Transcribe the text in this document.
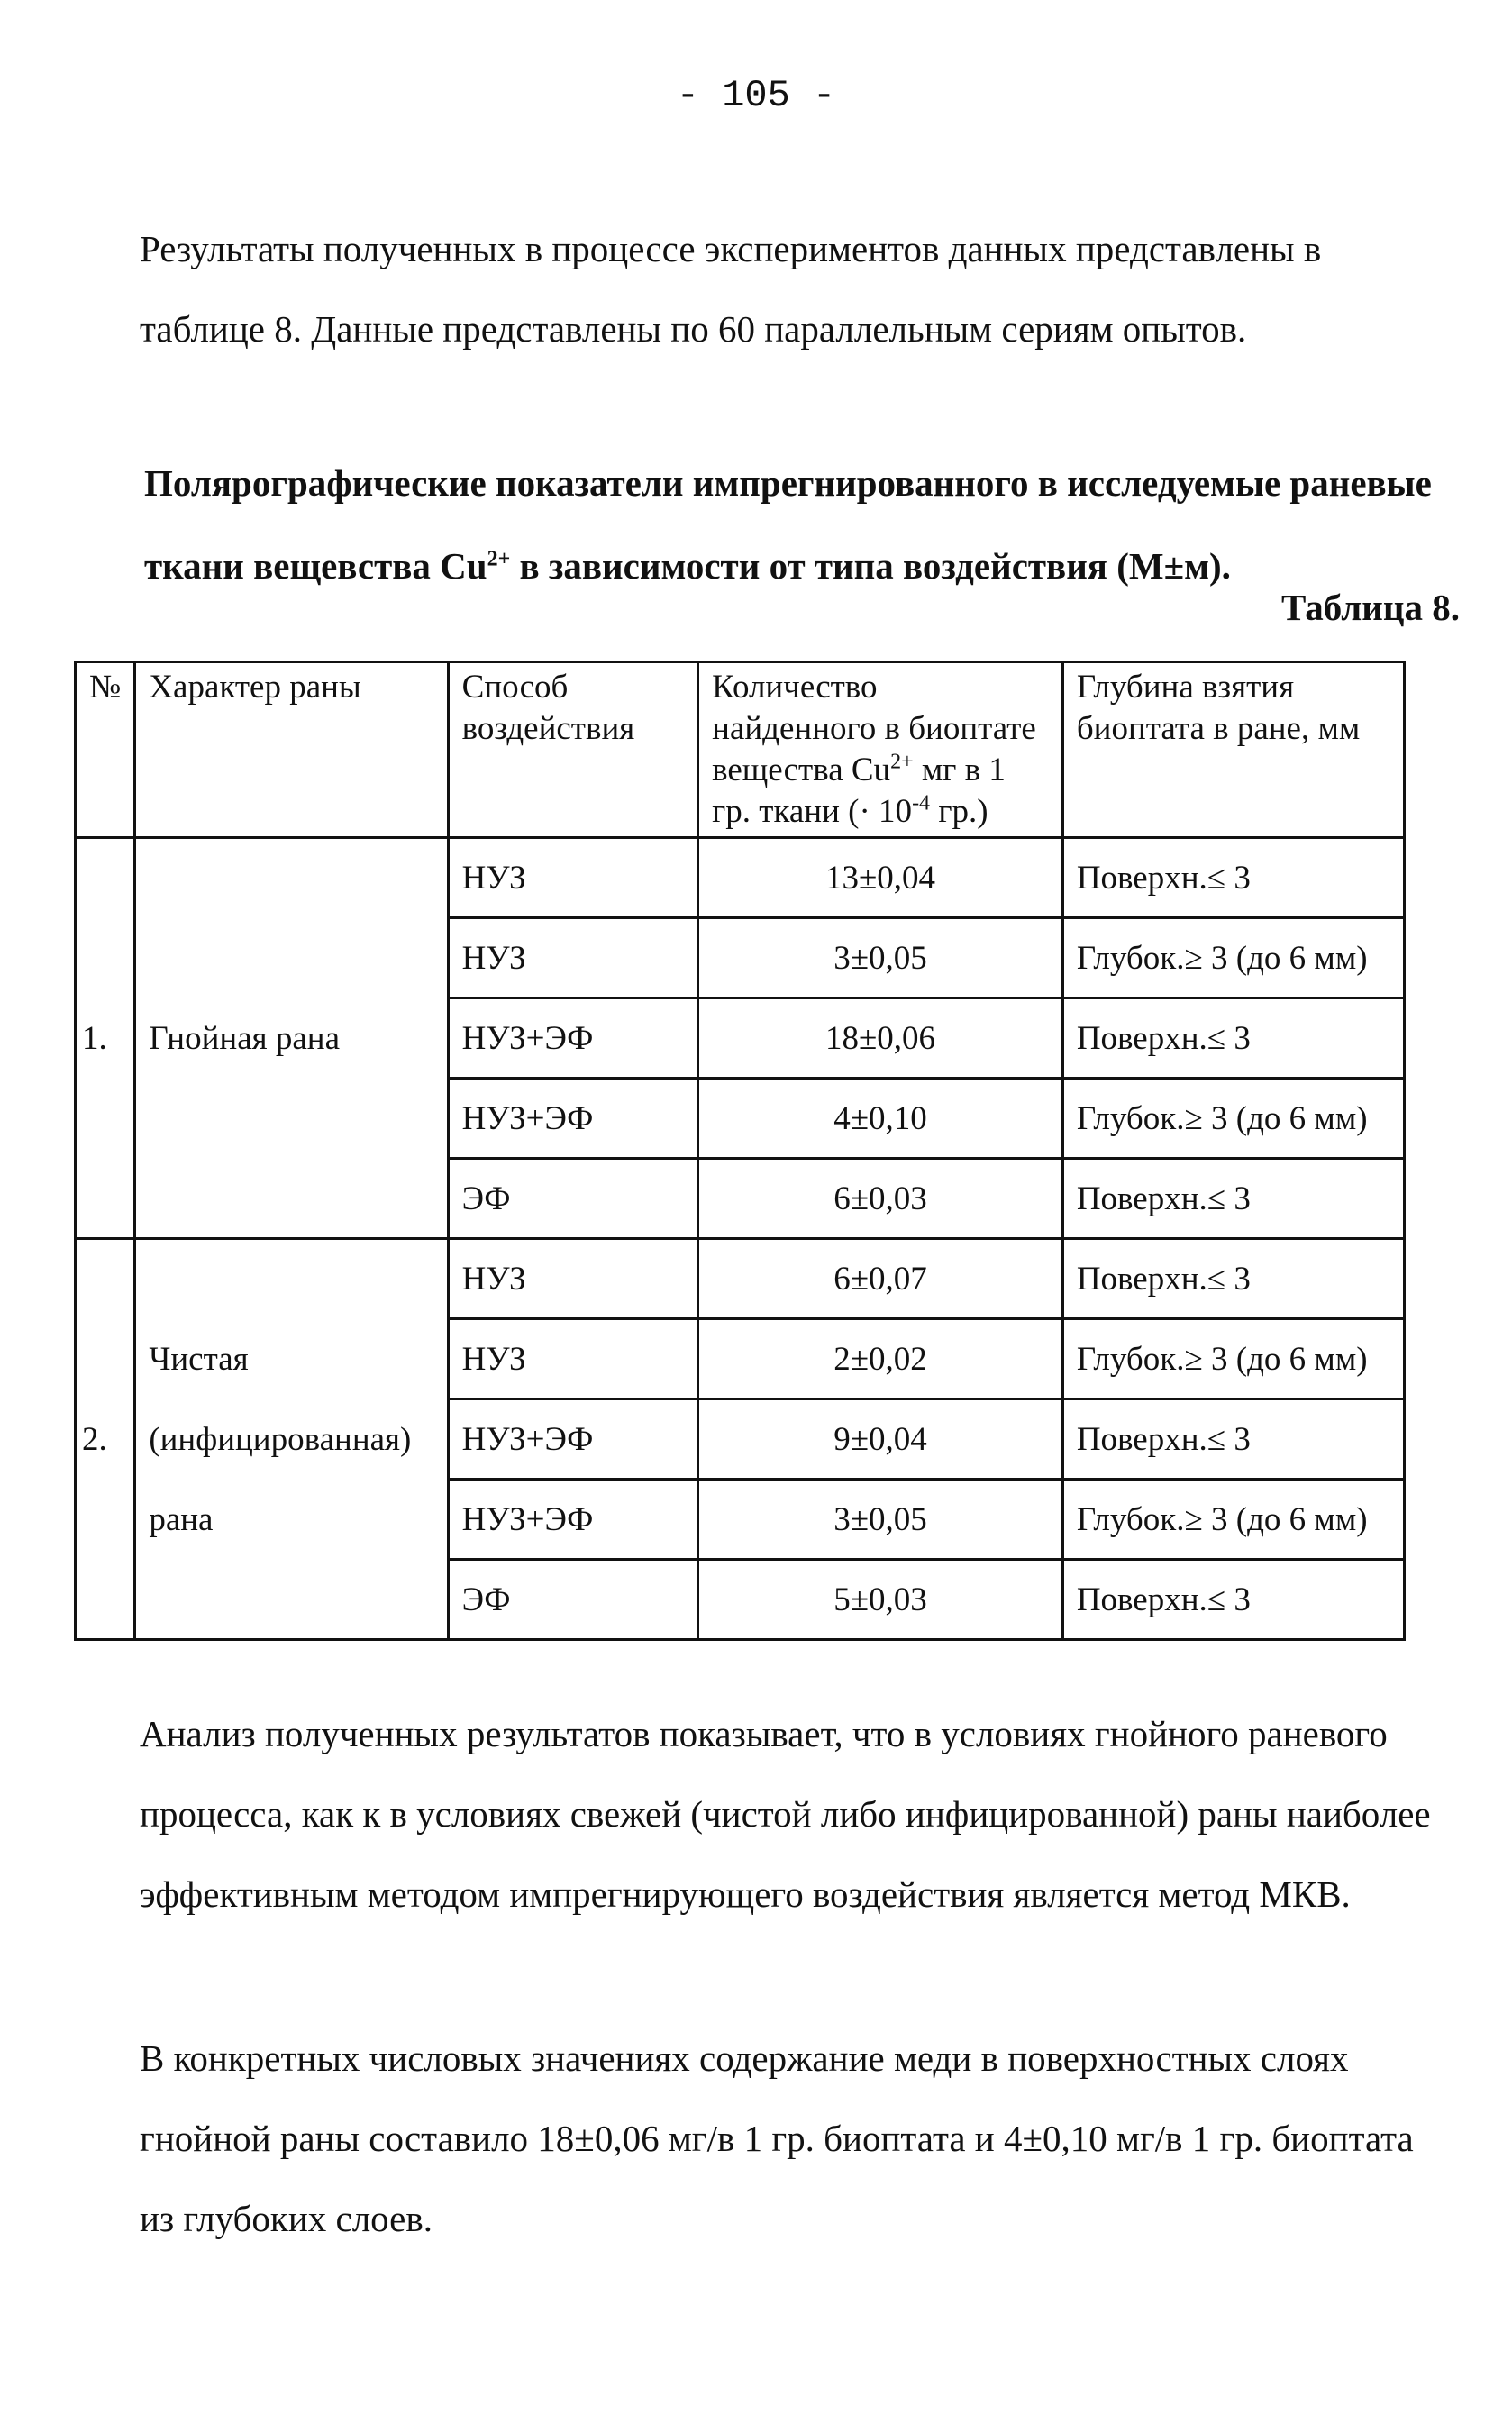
- 105 -

Результаты полученных в процессе экспериментов данных представлены в таблице 8. Данные представлены по 60 параллельным сериям опытов.

Полярографические показатели импрегнированного в исследуемые раневые ткани вещевства $Cu^{2+}$ в зависимости от типа воздействия (М±м).

Таблица 8.
№	Характер раны	Способ воздействия	Количество найденного в биоптате вещества $Cu^{2+}$ мг в 1 гр. ткани (· $10^{-4}$ гр.)	Глубина взятия биоптата в ране, мм
1.	Гнойная рана	НУЗ	13±0,04	Поверхн.≤ 3
		НУЗ	3±0,05	Глубок.≥ 3 (до 6 мм)
		НУЗ+ЭФ	18±0,06	Поверхн.≤ 3
		НУЗ+ЭФ	4±0,10	Глубок.≥ 3 (до 6 мм)
		ЭФ	6±0,03	Поверхн.≤ 3
2.	Чистая (инфицированная) рана	НУЗ	6±0,07	Поверхн.≤ 3
		НУЗ	2±0,02	Глубок.≥ 3 (до 6 мм)
		НУЗ+ЭФ	9±0,04	Поверхн.≤ 3
		НУЗ+ЭФ	3±0,05	Глубок.≥ 3 (до 6 мм)
		ЭФ	5±0,03	Поверхн.≤ 3

Анализ полученных результатов показывает, что в условиях гнойного раневого процесса, как к в условиях свежей (чистой либо инфицированной) раны наиболее эффективным методом импрегнирующего воздействия является метод МКВ.

В конкретных числовых значениях содержание меди в поверхностных слоях гнойной раны составило 18±0,06 мг/в 1 гр. биоптата и 4±0,10 мг/в 1 гр. биоптата из глубоких слоев.
